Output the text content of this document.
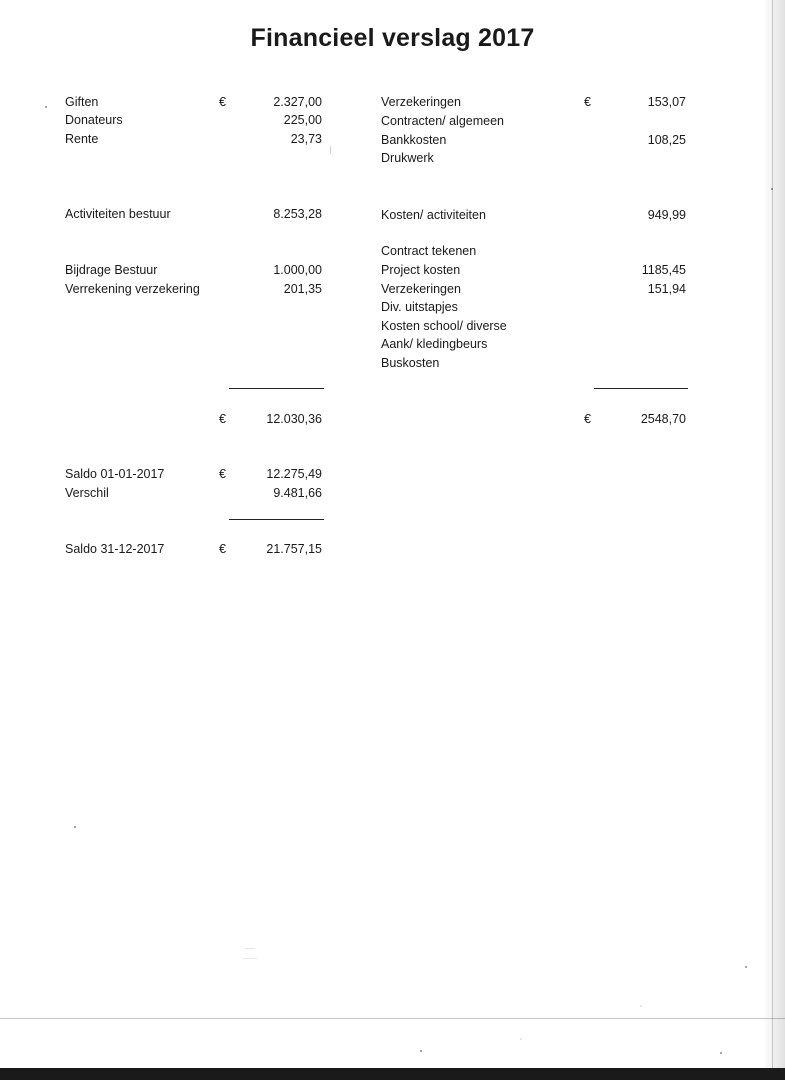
Financieel verslag 2017
Giften	€	2.327,00
Donateurs	225,00
Rente	23,73
Activiteiten bestuur	8.253,28
Bijdrage Bestuur	1.000,00
Verrekening verzekering	201,35
€	12.030,36
Verzekeringen	€	153,07
Contracten/ algemeen
Bankkosten	108,25
Drukwerk
Kosten/ activiteiten	949,99
Contract tekenen
Project kosten	1185,45
Verzekeringen	151,94
Div. uitstapjes
Kosten school/ diverse
Aank/ kledingbeurs
Buskosten
€	2548,70
Saldo 01-01-2017	€	12.275,49
Verschil	9.481,66
Saldo 31-12-2017	€	21.757,15
